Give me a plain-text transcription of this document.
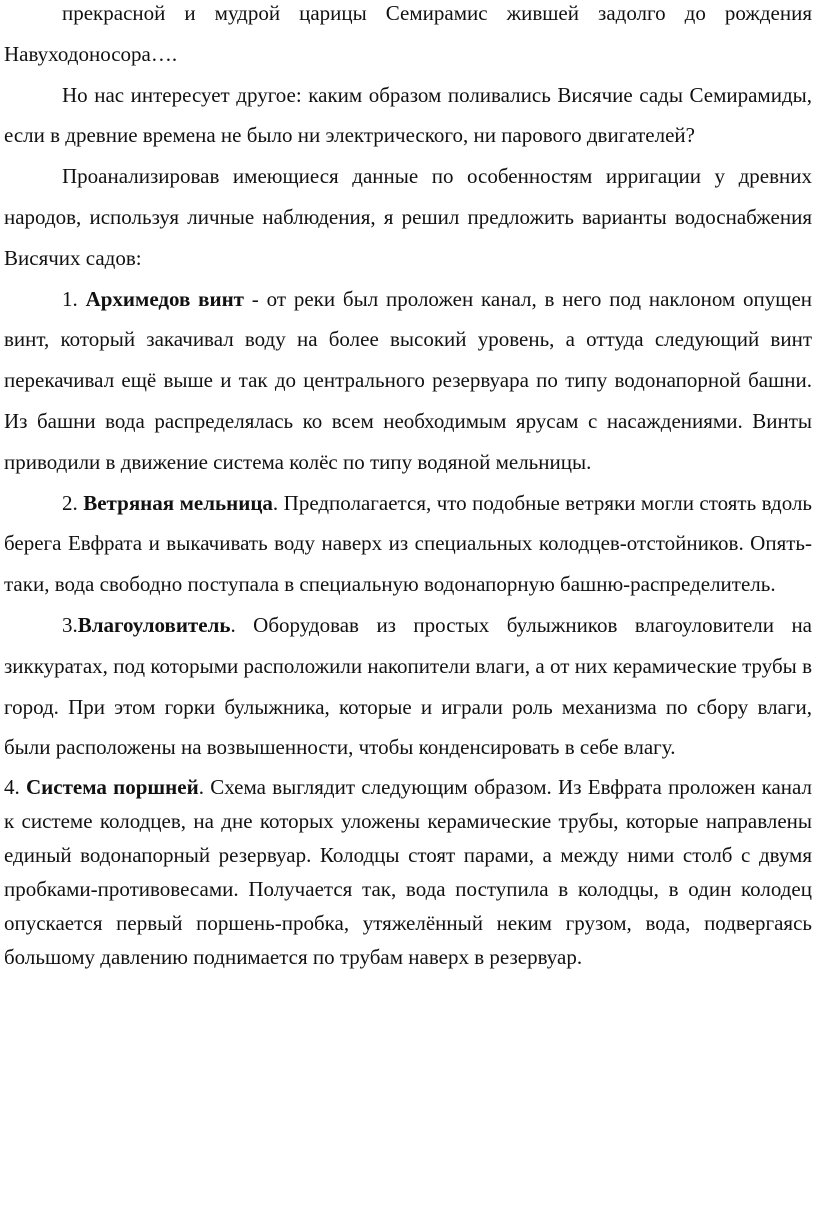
прекрасной и мудрой царицы Семирамис жившей задолго до рождения Навуходоносора….

Но нас интересует другое: каким образом поливались Висячие сады Семирамиды, если в древние времена не было ни электрического, ни парового двигателей?

Проанализировав имеющиеся данные по особенностям ирригации у древних народов, используя личные наблюдения, я решил предложить варианты водоснабжения Висячих садов:

1. Архимедов винт - от реки был проложен канал, в него под наклоном опущен винт, который закачивал воду на более высокий уровень, а оттуда следующий винт перекачивал ещё выше и так до центрального резервуара по типу водонапорной башни. Из башни вода распределялась ко всем необходимым ярусам с насаждениями. Винты приводили в движение система колёс по типу водяной мельницы.

2. Ветряная мельница. Предполагается, что подобные ветряки могли стоять вдоль берега Евфрата и выкачивать воду наверх из специальных колодцев-отстойников. Опять-таки, вода свободно поступала в специальную водонапорную башню-распределитель.

3.Влагоуловитель. Оборудовав из простых булыжников влагоуловители на зиккуратах, под которыми расположили накопители влаги, а от них керамические трубы в город. При этом горки булыжника, которые и играли роль механизма по сбору влаги, были расположены на возвышенности, чтобы конденсировать в себе влагу.

4. Система поршней. Схема выглядит следующим образом. Из Евфрата проложен канал к системе колодцев, на дне которых уложены керамические трубы, которые направлены единый водонапорный резервуар. Колодцы стоят парами, а между ними столб с двумя пробками-противовесами. Получается так, вода поступила в колодцы, в один колодец опускается первый поршень-пробка, утяжелённый неким грузом, вода, подвергаясь большому давлению поднимается по трубам наверх в резервуар.
